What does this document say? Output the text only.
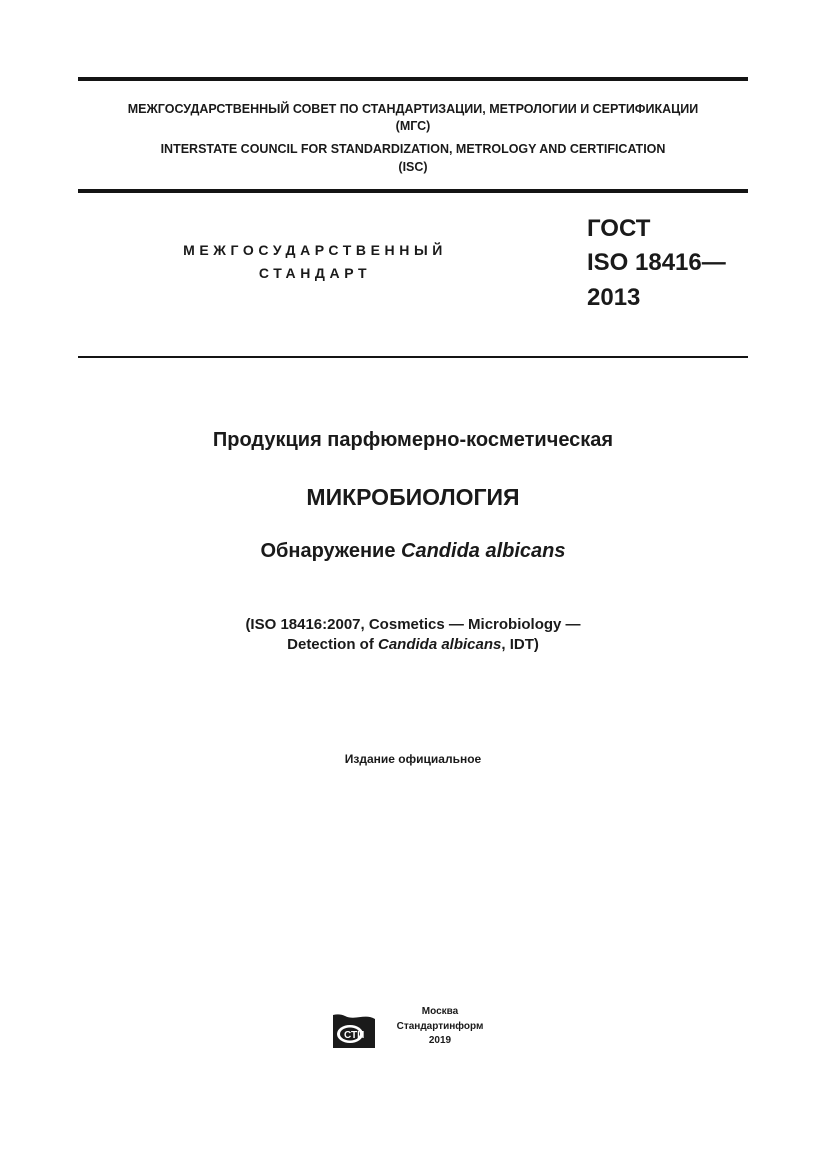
МЕЖГОСУДАРСТВЕННЫЙ СОВЕТ ПО СТАНДАРТИЗАЦИИ, МЕТРОЛОГИИ И СЕРТИФИКАЦИИ
(МГС)
INTERSTATE COUNCIL FOR STANDARDIZATION, METROLOGY AND CERTIFICATION
(ISC)
МЕЖГОСУДАРСТВЕННЫЙ
СТАНДАРТ
ГОСТ
ISO 18416—
2013
Продукция парфюмерно-косметическая
МИКРОБИОЛОГИЯ
Обнаружение Candida albicans
(ISO 18416:2007, Cosmetics — Microbiology —
Detection of Candida albicans, IDT)
Издание официальное
СТИ
Москва
Стандартинформ
2019
